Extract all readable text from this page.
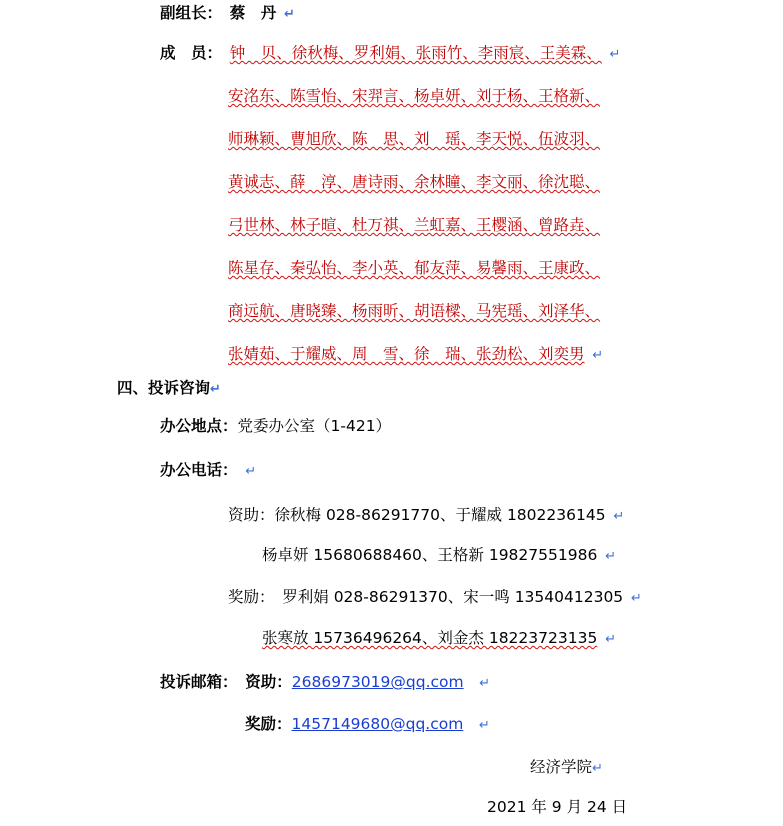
副组长： 蔡　丹 ↵
成　员： 钟　贝、徐秋梅、罗利娟、张雨竹、李雨宸、王美霖、 ↵
安洺东、陈雪怡、宋羿言、杨卓妍、刘于杨、王格新、
师琳颖、曹旭欣、陈　思、刘　瑶、李天悦、伍波羽、
黄诚志、薛　淳、唐诗雨、余林瞳、李文丽、徐沈聪、
弓世林、林子暄、杜万祺、兰虹嘉、王樱涵、曾路垚、
陈星存、秦弘怡、李小英、郁友萍、易馨雨、王康政、
商远航、唐晓臻、杨雨昕、胡语樑、马宪瑶、刘泽华、
张婧茹、于耀威、周　雪、徐　瑞、张劲松、刘奕男 ↵
四、投诉咨询↵
办公地点：党委办公室（1-421）
办公电话： ↵
资助：徐秋梅 028-86291770、于耀威 1802236145 ↵
杨卓妍 15680688460、王格新 19827551986 ↵
奖励： 罗利娟 028-86291370、宋一鸣 13540412305 ↵
张寒放 15736496264、刘金杰 18223723135 ↵
投诉邮箱： 资助：2686973019@qq.com ↵
奖励：1457149680@qq.com ↵
经济学院↵
2021 年 9 月 24 日
